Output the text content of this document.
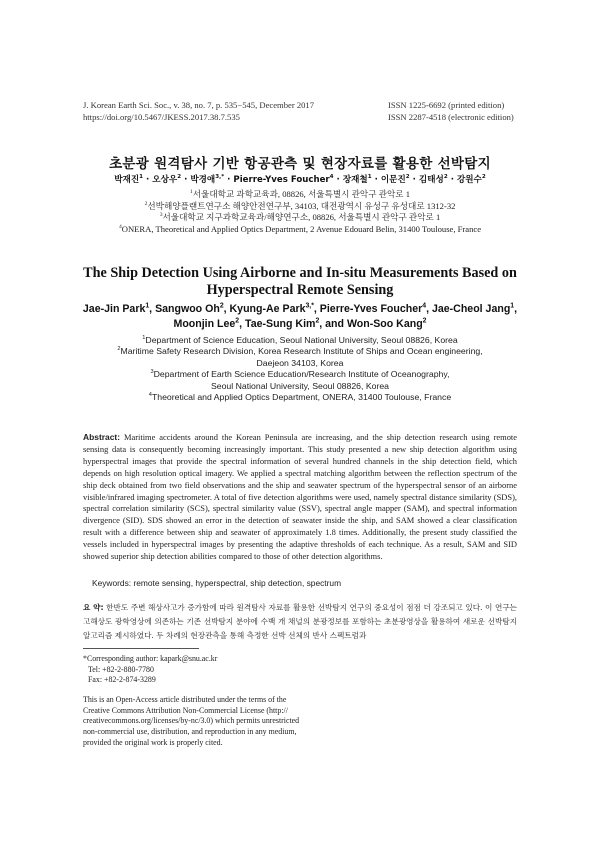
J. Korean Earth Sci. Soc., v. 38, no. 7, p. 535−545, December 2017
https://doi.org/10.5467/JKESS.2017.38.7.535
ISSN 1225-6692 (printed edition)
ISSN 2287-4518 (electronic edition)
초분광 원격탐사 기반 항공관측 및 현장자료를 활용한 선박탐지
박재진$^1$ · 오상우$^2$ · 박경애$^{3,*}$ · Pierre-Yves Foucher$^4$ · 장재철$^1$ · 이문진$^2$ · 김태성$^2$ · 강원수$^2$
$^1$서울대학교 과학교육과, 08826, 서울특별시 관악구 관악로 1
$^2$선박해양플랜트연구소 해양안전연구부, 34103, 대전광역시 유성구 유성대로 1312-32
$^3$서울대학교 지구과학교육과/해양연구소, 08826, 서울특별시 관악구 관악로 1
$^4$ONERA, Theoretical and Applied Optics Department, 2 Avenue Edouard Belin, 31400 Toulouse, France
The Ship Detection Using Airborne and In-situ Measurements Based on
Hyperspectral Remote Sensing
Jae-Jin Park$^1$, Sangwoo Oh$^2$, Kyung-Ae Park$^{3,*}$, Pierre-Yves Foucher$^4$, Jae-Cheol Jang$^1$,
Moonjin Lee$^2$, Tae-Sung Kim$^2$, and Won-Soo Kang$^2$
$^1$Department of Science Education, Seoul National University, Seoul 08826, Korea
$^2$Maritime Safety Research Division, Korea Research Institute of Ships and Ocean engineering,
Daejeon 34103, Korea
$^3$Department of Earth Science Education/Research Institute of Oceanography,
Seoul National University, Seoul 08826, Korea
$^4$Theoretical and Applied Optics Department, ONERA, 31400 Toulouse, France
Abstract: Maritime accidents around the Korean Peninsula are increasing, and the ship detection research using remote sensing data is consequently becoming increasingly important. This study presented a new ship detection algorithm using hyperspectral images that provide the spectral information of several hundred channels in the ship detection field, which depends on high resolution optical imagery. We applied a spectral matching algorithm between the reflection spectrum of the ship deck obtained from two field observations and the ship and seawater spectrum of the hyperspectral sensor of an airborne visible/infrared imaging spectrometer. A total of five detection algorithms were used, namely spectral distance similarity (SDS), spectral correlation similarity (SCS), spectral similarity value (SSV), spectral angle mapper (SAM), and spectral information divergence (SID). SDS showed an error in the detection of seawater inside the ship, and SAM showed a clear classification result with a difference between ship and seawater of approximately 1.8 times. Additionally, the present study classified the vessels included in hyperspectral images by presenting the adaptive thresholds of each technique. As a result, SAM and SID showed superior ship detection abilities compared to those of other detection algorithms.
Keywords: remote sensing, hyperspectral, ship detection, spectrum
요 약: 한반도 주변 해상사고가 증가함에 따라 원격탐사 자료를 활용한 선박탐지 연구의 중요성이 점점 더 강조되고 있다. 이 연구는 고해상도 광학영상에 의존하는 기존 선박탐지 분야에 수백 개 채널의 분광정보를 포함하는 초분광영상을 활용하여 새로운 선박탐지 알고리즘 제시하였다. 두 차례의 현장관측을 통해 측정한 선박 선체의 반사 스펙트럼과
*Corresponding author: kapark@snu.ac.kr
Tel: +82-2-880-7780
Fax: +82-2-874-3289
This is an Open-Access article distributed under the terms of the
Creative Commons Attribution Non-Commercial License (http://
creativecommons.org/licenses/by-nc/3.0) which permits unrestricted
non-commercial use, distribution, and reproduction in any medium,
provided the original work is properly cited.
